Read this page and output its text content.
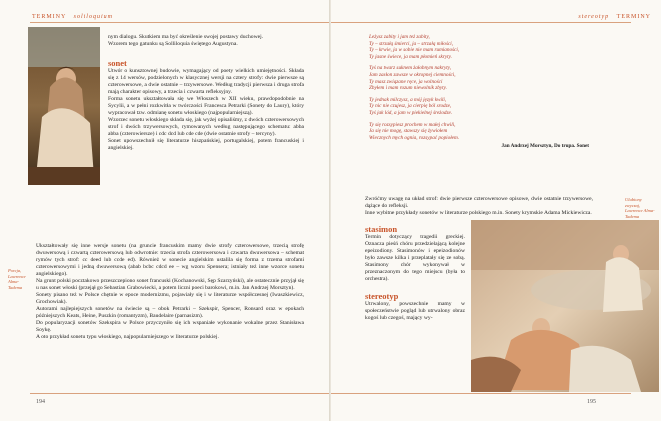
TERMINY soliloquium
Porcja, Lawrence Alma-Tadema

nym dialogu. Skutkiem ma być określenie swojej postawy duchowej.

Wzorem tego gatunku są Solliloquia świętego Augustyna.

sonet

Utwór o kunsztownej budowie, wymagający od poety wielkich umiejętności. Składa się z 14 wersów, podzielonych w klasycznej wersji na cztery strofy: dwie pierwsze są czterowersowe, a dwie ostatnie – trzywersowe. Według tradycji pierwsza i druga strofa mają charakter opisowy, a trzecia i czwarta refleksyjny.

Forma sonetu ukształtowała się we Włoszech w XII wieku, prawdopodobnie na Sycylii, a w pełni rozkwitła w twórczości Francesca Petrarki (Sonety do Laury), który wypracował tzw. odmianę sonetu włoskiego (najpopularniejszą).

Wzorzec sonetu włoskiego składa się, jak wyżej opisaliśmy, z dwóch czterowersowych strof i dwóch trzywersowych, rymowanych według następującego schematu: abba abba (czterowiersze) i cdc dcd lub cde cde (dwie ostatnie strofy – tercyny).

Sonet upowszechnił się literaturze hiszpańskiej, portugalskiej, potem francuskiej i angielskiej.

Ukształtowały się inne wersje sonetu (na gruncie francuskim mamy dwie strofy czterowersowe, trzecią strofę dwuwersową i czwartą czterowersową lub odwrotnie: trzecia strofa czterowersowa i czwarta dwuwersowa – schemat rymów tych strof: cc deed lub ccde ed). Również w sonecie angielskim ustalila się forma z trzema strofami czterowersowymi i jedną dwuwersową (abab bcbc cdcd ee – wg wzoru Spensera; istniały też inne wzorce sonetu angielskiego).

Na grunt polski pocztakowo przeszczepiono sonet francuski (Kochanowski, Sęp Szarzyński), ale ostatecznie przyjął się u nas sonet włoski (przejął go Sebastian Grabowiecki, a potem liczni poeci barokowi, m.in. Jan Andrzej Morsztyn).

Sonety pisano też w Polsce chętnie w epoce modernizmu, pojawiały się i w literaturze współczesnej (Iwaszkiewicz, Grochowiak).

Autorami najlepiejszych sonetów na świecie są – obok Petrarki – Szekspir, Spencer, Ronsard oraz w epokach późniejszych Keats, Heine, Puszkin (romantyzm), Baudelaire (parnasizm).

Do popularyzacji sonetów Szekspira w Polsce przyczyniło się ich wspaniałe wykonanie wokalne przez Stanisława Soykę.

A oto przykład sonetu typu włoskiego, najpopularniejszego w literaturze polskiej.

194
stereotyp TERMINY
Leżysz zabity i jam też zabity,
Ty – strzałą śmierci, ja – strzałą miłości,
Ty – krwie, ja w sobie nie mam rumianości,
Ty jasne świece, ja mam płomień skryty.
Tyś na twarz suknem żałobnym nakryty,
Jam zasłon zawsze w okropnej ciemności,
Ty masz związane ręce, ja wolności
Zbyłem i mam rozum niewolnik zbyty.
Ty jednak milczysz, a mój język kwili,
Ty nic nie czujesz, ja cierpię ból srodze,
Tyś jak lód, a jam w piekielnej śreżodze.
Ty się rozsypiesz prochem w małej chwili,
Ja się nie mogę, stawszy się żywiołem
Wiecznych mych ognia, rozsypać popiołem.
Jan Andrzej Morsztyn, Do trupa. Sonet

Zwróćmy uwagę na układ strof: dwie pierwsze czterowersowe opisowe, dwie ostatnie trzywersowe, dążące do refleksji.

Inne wybitne przykłady sonetów w literaturze polskiego m.in. Sonety krymskie Adama Mickiewicza.

Ulubiony zwyczaj, Lawrence Alma-Tadema
stasimon

Termin dotyczący tragedii greckiej. Oznacza pieśń chóru przedzielającą kolejne epeizodiony. Stasimonów i epeizodionów było zawsze kilka i przeplatały się ze sobą. Stasimony chór wykonywał w przeznaczonym do tego miejscu (była to orchestra).

stereotyp

Utrwalony, powszechnie mamy w społeczeństwie pogląd lub utrwalony obraz kogoś lub czegoś, mający wy-

195
